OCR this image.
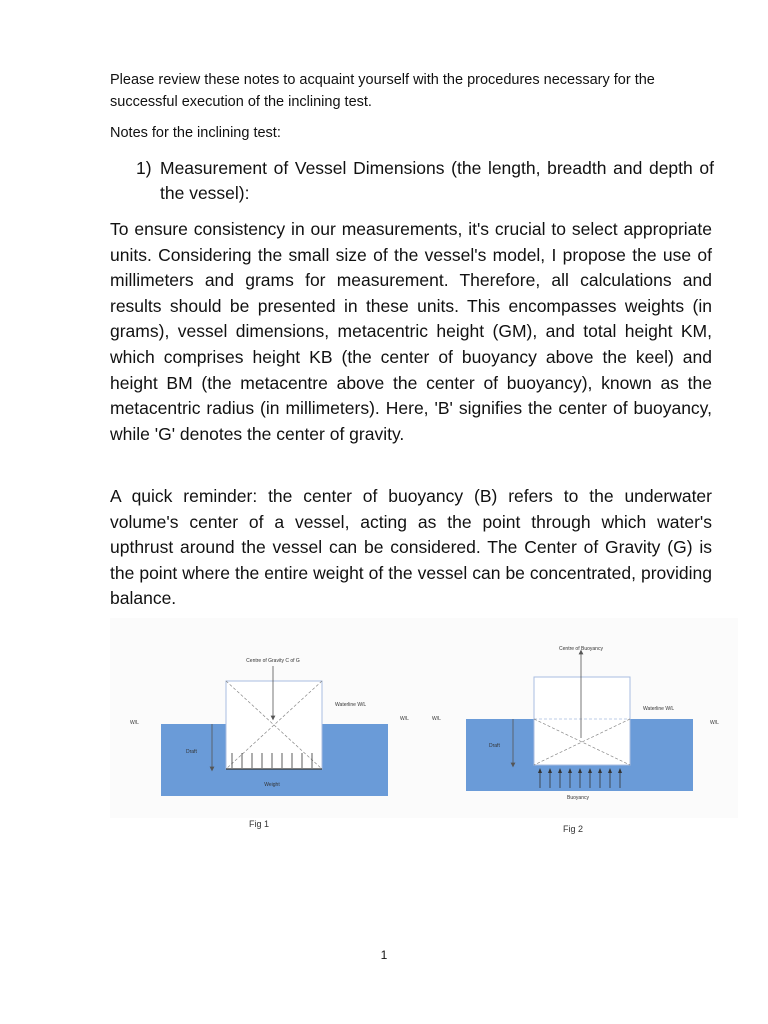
Please review these notes to acquaint yourself with the procedures necessary for the successful execution of the inclining test.
Notes for the inclining test:
1) Measurement of Vessel Dimensions (the length, breadth and depth of the vessel):

To ensure consistency in our measurements, it's crucial to select appropriate units. Considering the small size of the vessel's model, I propose the use of millimeters and grams for measurement. Therefore, all calculations and results should be presented in these units. This encompasses weights (in grams), vessel dimensions, metacentric height (GM), and total height KM, which comprises height KB (the center of buoyancy above the keel) and height BM (the metacentre above the center of buoyancy), known as the metacentric radius (in millimeters). Here, 'B' signifies the center of buoyancy, while 'G' denotes the center of gravity.

A quick reminder: the center of buoyancy (B) refers to the underwater volume's center of a vessel, acting as the point through which water's upthrust around the vessel can be considered. The Center of Gravity (G) is the point where the entire weight of the vessel can be concentrated, providing balance.

Centre of Gravity C of G
Waterline W/L
W/L
W/L
Draft
Weight
Fig 1
Centre of Buoyancy
Waterline W/L
W/L
W/L
Draft
Buoyancy
Fig 2
1
